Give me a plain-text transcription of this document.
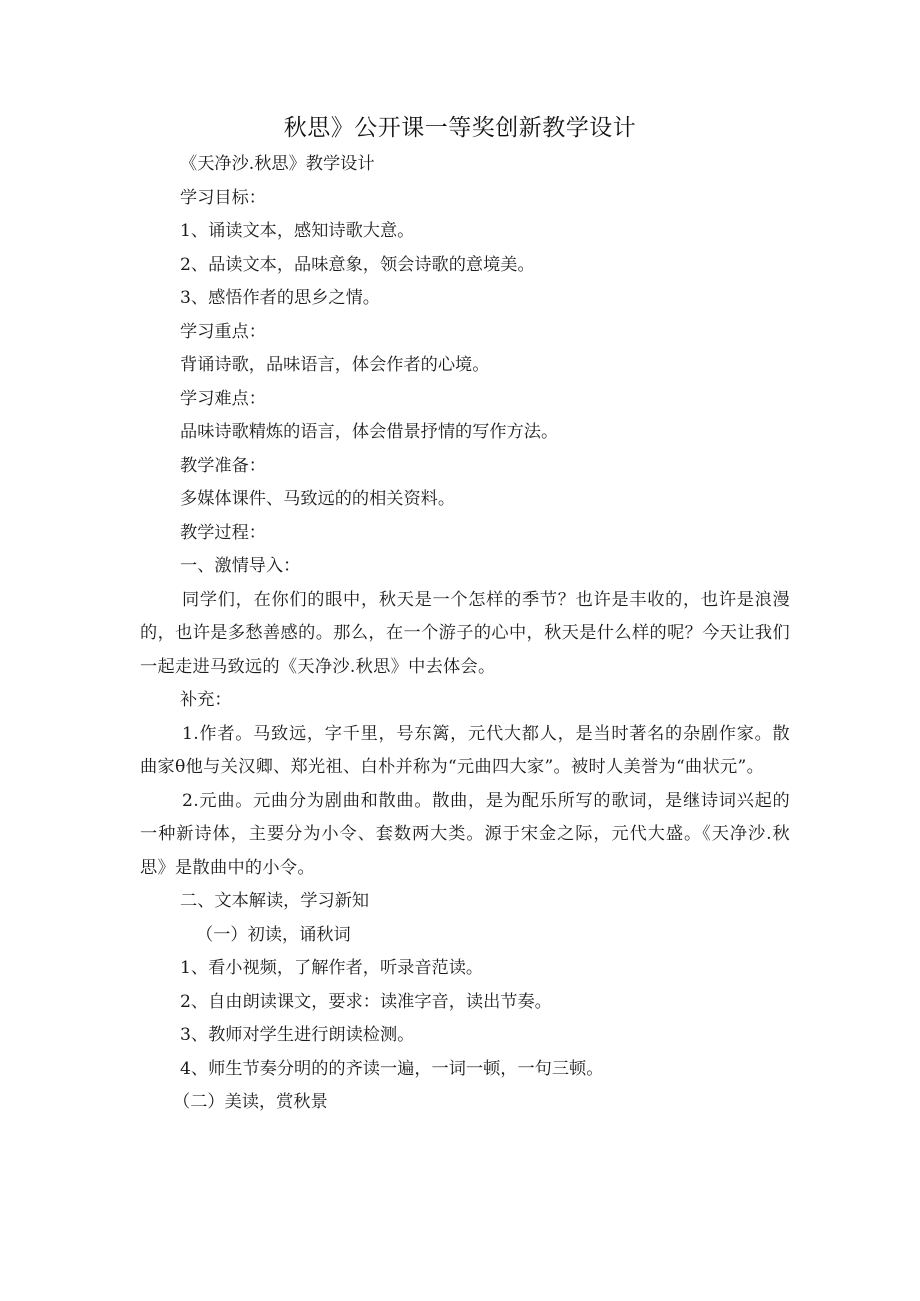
秋思》公开课一等奖创新教学设计

《天净沙.秋思》教学设计

学习目标：

1、诵读文本，感知诗歌大意。

2、品读文本，品味意象，领会诗歌的意境美。

3、感悟作者的思乡之情。

学习重点：

背诵诗歌，品味语言，体会作者的心境。

学习难点：

品味诗歌精炼的语言，体会借景抒情的写作方法。

教学准备：

多媒体课件、马致远的的相关资料。

教学过程：

一、激情导入：

同学们，在你们的眼中，秋天是一个怎样的季节？也许是丰收的，也许是浪漫的，也许是多愁善感的。那么，在一个游子的心中，秋天是什么样的呢？今天让我们一起走进马致远的《天净沙.秋思》中去体会。

补充：

1.作者。马致远，字千里，号东篱，元代大都人，是当时著名的杂剧作家。散曲家θ他与关汉卿、郑光祖、白朴并称为“元曲四大家”。被时人美誉为“曲状元”。

2.元曲。元曲分为剧曲和散曲。散曲，是为配乐所写的歌词，是继诗词兴起的一种新诗体，主要分为小令、套数两大类。源于宋金之际，元代大盛。《天净沙.秋思》是散曲中的小令。

二、文本解读，学习新知

（一）初读，诵秋词

1、看小视频，了解作者，听录音范读。

2、自由朗读课文，要求：读准字音，读出节奏。

3、教师对学生进行朗读检测。

4、师生节奏分明的的齐读一遍，一词一顿，一句三顿。

（二）美读，赏秋景
